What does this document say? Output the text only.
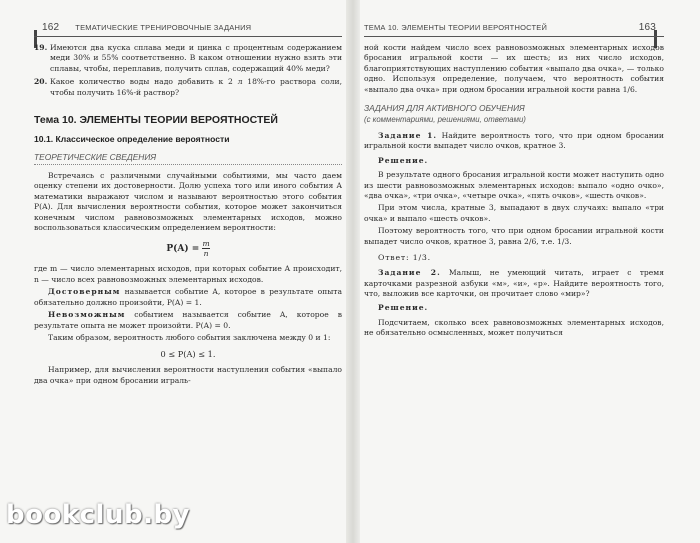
162 ТЕМАТИЧЕСКИЕ ТРЕНИРОВОЧНЫЕ ЗАДАНИЯ
19. Имеются два куска сплава меди и цинка с процентным содержанием меди 30% и 55% соответственно. В каком отношении нужно взять эти сплавы, чтобы, переплавив, получить сплав, содержащий 40% меди?
20. Какое количество воды надо добавить к 2 л 18%-го раствора соли, чтобы получить 16%-й раствор?
Тема 10. ЭЛЕМЕНТЫ ТЕОРИИ ВЕРОЯТНОСТЕЙ
10.1. Классическое определение вероятности
ТЕОРЕТИЧЕСКИЕ СВЕДЕНИЯ

Встречаясь с различными случайными событиями, мы часто даем оценку степени их достоверности. Долю успеха того или иного события A математики выражают числом и называют вероятностью этого события P(A). Для вычисления вероятности события, которое может закончиться конечным числом равновозможных элементарных исходов, можно воспользоваться классическим определением вероятности:

$P(A) = \frac{m}{n}$

где m — число элементарных исходов, при которых событие A происходит, n — число всех равновозможных элементарных исходов.

Достоверным называется событие A, которое в результате опыта обязательно должно произойти, P(A) = 1.

Невозможным событием называется событие A, которое в результате опыта не может произойти. P(A) = 0.

Таким образом, вероятность любого события заключена между 0 и 1:

0 ≤ P(A) ≤ 1.

Например, для вычисления вероятности наступления события «выпало два очка» при одном бросании играль-

ТЕМА 10. ЭЛЕМЕНТЫ ТЕОРИИ ВЕРОЯТНОСТЕЙ	163

ной кости найдем число всех равновозможных элементарных исходов бросания игральной кости — их шесть; из них число исходов, благоприятствующих наступлению события «выпало два очка», — только одно. Используя определение, получаем, что вероятность события «выпало два очка» при одном бросании игральной кости равна 1/6.

ЗАДАНИЯ ДЛЯ АКТИВНОГО ОБУЧЕНИЯ
(с комментариями, решениями, ответами)

Задание 1. Найдите вероятность того, что при одном бросании игральной кости выпадет число очков, кратное 3.

Решение.

В результате одного бросания игральной кости может наступить одно из шести равновозможных элементарных исходов: выпало «одно очко», «два очка», «три очка», «четыре очка», «пять очков», «шесть очков».

При этом числа, кратные 3, выпадают в двух случаях: выпало «три очка» и выпало «шесть очков».

Поэтому вероятность того, что при одном бросании игральной кости выпадет число очков, кратное 3, равна 2/6, т.е. 1/3.

Ответ: 1/3.

Задание 2. Малыш, не умеющий читать, играет с тремя карточками разрезной азбуки «м», «и», «р». Найдите вероятность того, что, выложив все карточки, он прочитает слово «мир»?

Решение.

Подсчитаем, сколько всех равновозможных элементарных исходов, не обязательно осмысленных, может получиться

bookclub.by
